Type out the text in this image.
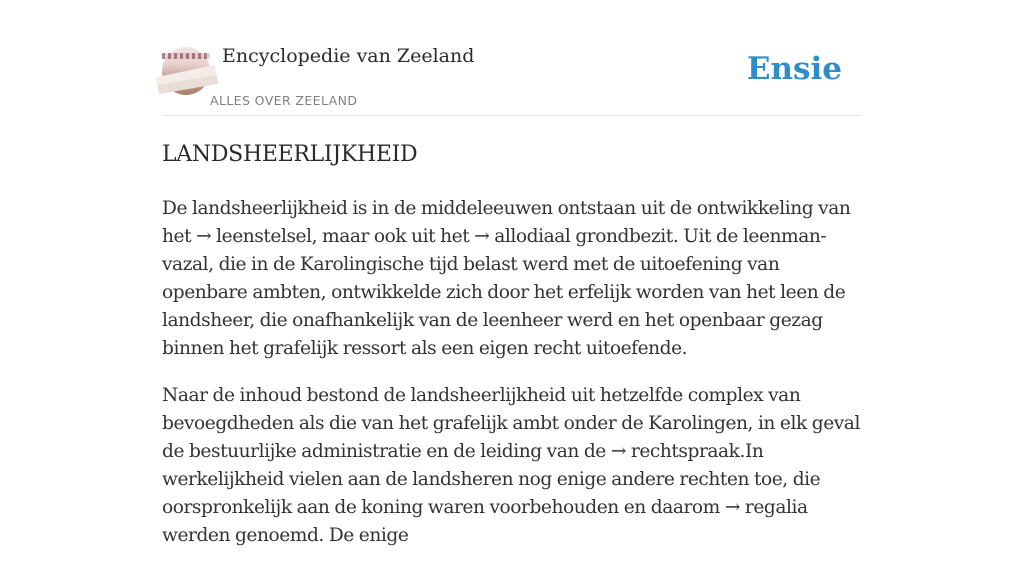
Encyclopedie van Zeeland
ALLES OVER ZEELAND
Ensie
LANDSHEERLIJKHEID

De landsheerlijkheid is in de middeleeuwen ontstaan uit de ontwikkeling van het → leenstelsel, maar ook uit het → allodiaal grondbezit. Uit de leenman-vazal, die in de Karolingische tijd belast werd met de uitoefening van openbare ambten, ontwikkelde zich door het erfelijk worden van het leen de landsheer, die onafhankelijk van de leenheer werd en het openbaar gezag binnen het grafelijk ressort als een eigen recht uitoefende.

Naar de inhoud bestond de landsheerlijkheid uit hetzelfde complex van bevoegdheden als die van het grafelijk ambt onder de Karolingen, in elk geval de bestuurlijke administratie en de leiding van de → rechtspraak.In werkelijkheid vielen aan de landsheren nog enige andere rechten toe, die oorspronkelijk aan de koning waren voorbehouden en daarom → regalia werden genoemd. De enige
